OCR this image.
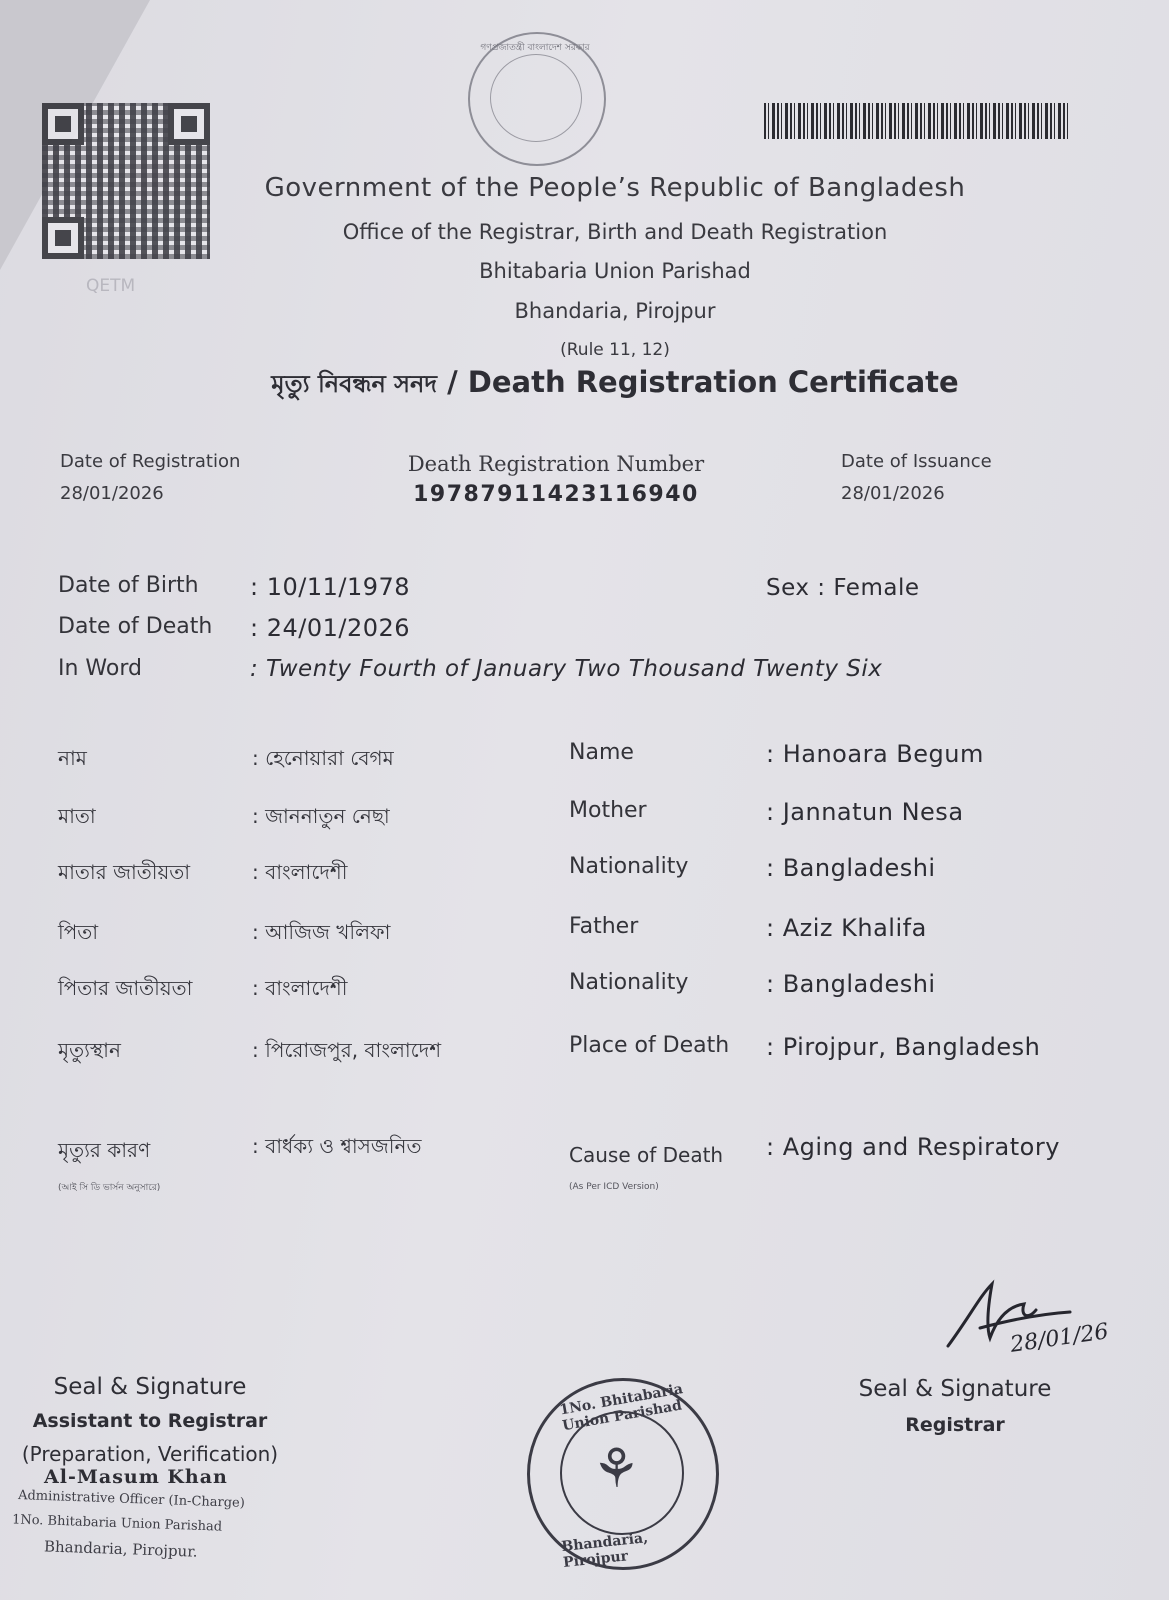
QETM
গণপ্রজাতন্ত্রী বাংলাদেশ সরকার
Government of the People’s Republic of Bangladesh
Office of the Registrar, Birth and Death Registration
Bhitabaria Union Parishad
Bhandaria, Pirojpur
(Rule 11, 12)
মৃত্যু নিবন্ধন সনদ / Death Registration Certificate
Date of Registration
28/01/2026
Death Registration Number
19787911423116940
Date of Issuance
28/01/2026
Date of Birth : 10/11/1978	Sex : Female
Date of Death : 24/01/2026
In Word	: Twenty Fourth of January Two Thousand Twenty Six
নাম	: হেনোয়ারা বেগম	Name	: Hanoara Begum
মাতা	: জাননাতুন নেছা	Mother	: Jannatun Nesa
মাতার জাতীয়তা	: বাংলাদেশী	Nationality	: Bangladeshi
পিতা	: আজিজ খলিফা	Father	: Aziz Khalifa
পিতার জাতীয়তা	: বাংলাদেশী	Nationality	: Bangladeshi
মৃত্যুস্থান	: পিরোজপুর, বাংলাদেশ	Place of Death : Pirojpur, Bangladesh
মৃত্যুর কারণ	: বার্ধক্য ও শ্বাসজনিত	Cause of Death : Aging and Respiratory
(আই সি ডি ভার্সন অনুসারে)	(As Per ICD Version)
28/01/26
Seal & Signature
Registrar
Seal & Signature
Assistant to Registrar
(Preparation, Verification)
Al-Masum Khan
Administrative Officer (In-Charge)
1No. Bhitabaria Union Parishad
Bhandaria, Pirojpur.
⚘
1No. Bhitabaria Union Parishad
Bhandaria, Pirojpur
